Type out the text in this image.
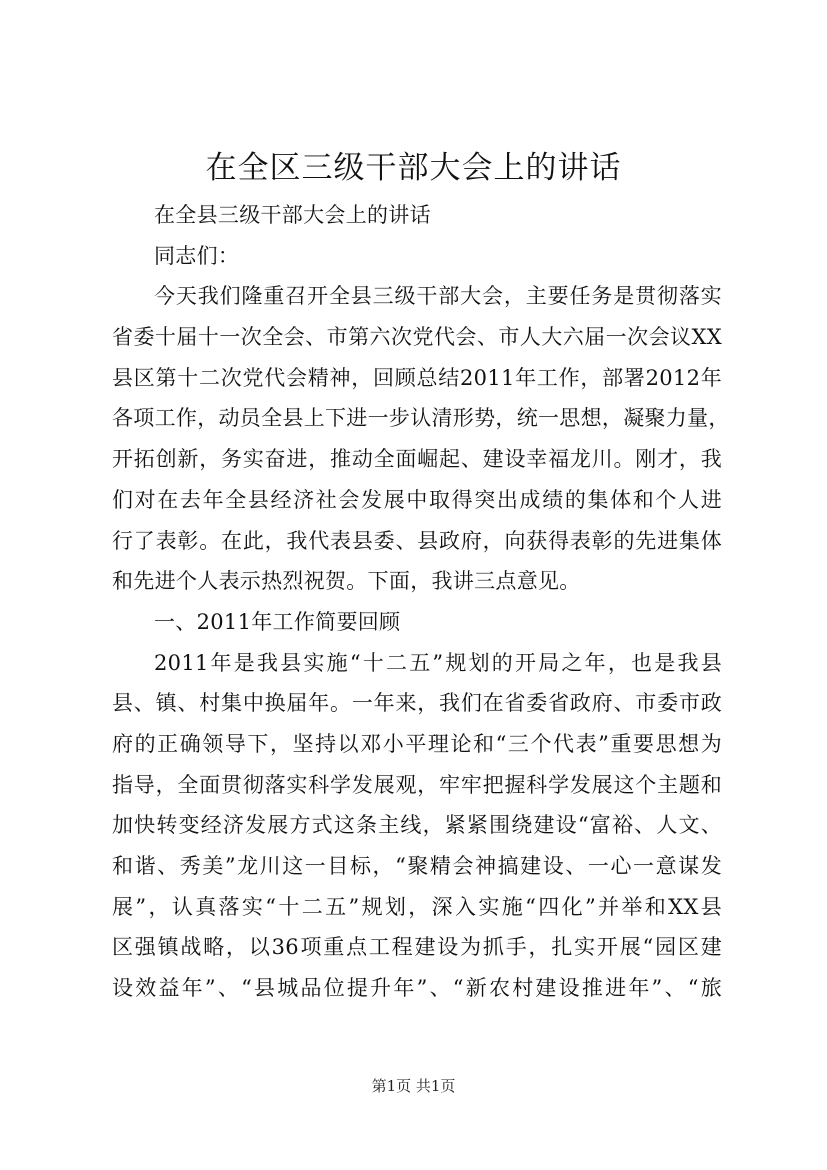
在全区三级干部大会上的讲话
在全县三级干部大会上的讲话
同志们：
今天我们隆重召开全县三级干部大会，主要任务是贯彻落实
省委十届十一次全会、市第六次党代会、市人大六届一次会议XX
县区第十二次党代会精神，回顾总结2011年工作，部署2012年
各项工作，动员全县上下进一步认清形势，统一思想，凝聚力量，
开拓创新，务实奋进，推动全面崛起、建设幸福龙川。刚才，我
们对在去年全县经济社会发展中取得突出成绩的集体和个人进
行了表彰。在此，我代表县委、县政府，向获得表彰的先进集体
和先进个人表示热烈祝贺。下面，我讲三点意见。
一、2011年工作简要回顾
2011年是我县实施“十二五”规划的开局之年，也是我县
县、镇、村集中换届年。一年来，我们在省委省政府、市委市政
府的正确领导下，坚持以邓小平理论和“三个代表”重要思想为
指导，全面贯彻落实科学发展观，牢牢把握科学发展这个主题和
加快转变经济发展方式这条主线，紧紧围绕建设“富裕、人文、
和谐、秀美”龙川这一目标，“聚精会神搞建设、一心一意谋发
展”，认真落实“十二五”规划，深入实施“四化”并举和XX县
区强镇战略，以36项重点工程建设为抓手，扎实开展“园区建
设效益年”、“县城品位提升年”、“新农村建设推进年”、“旅
第1页 共1页
